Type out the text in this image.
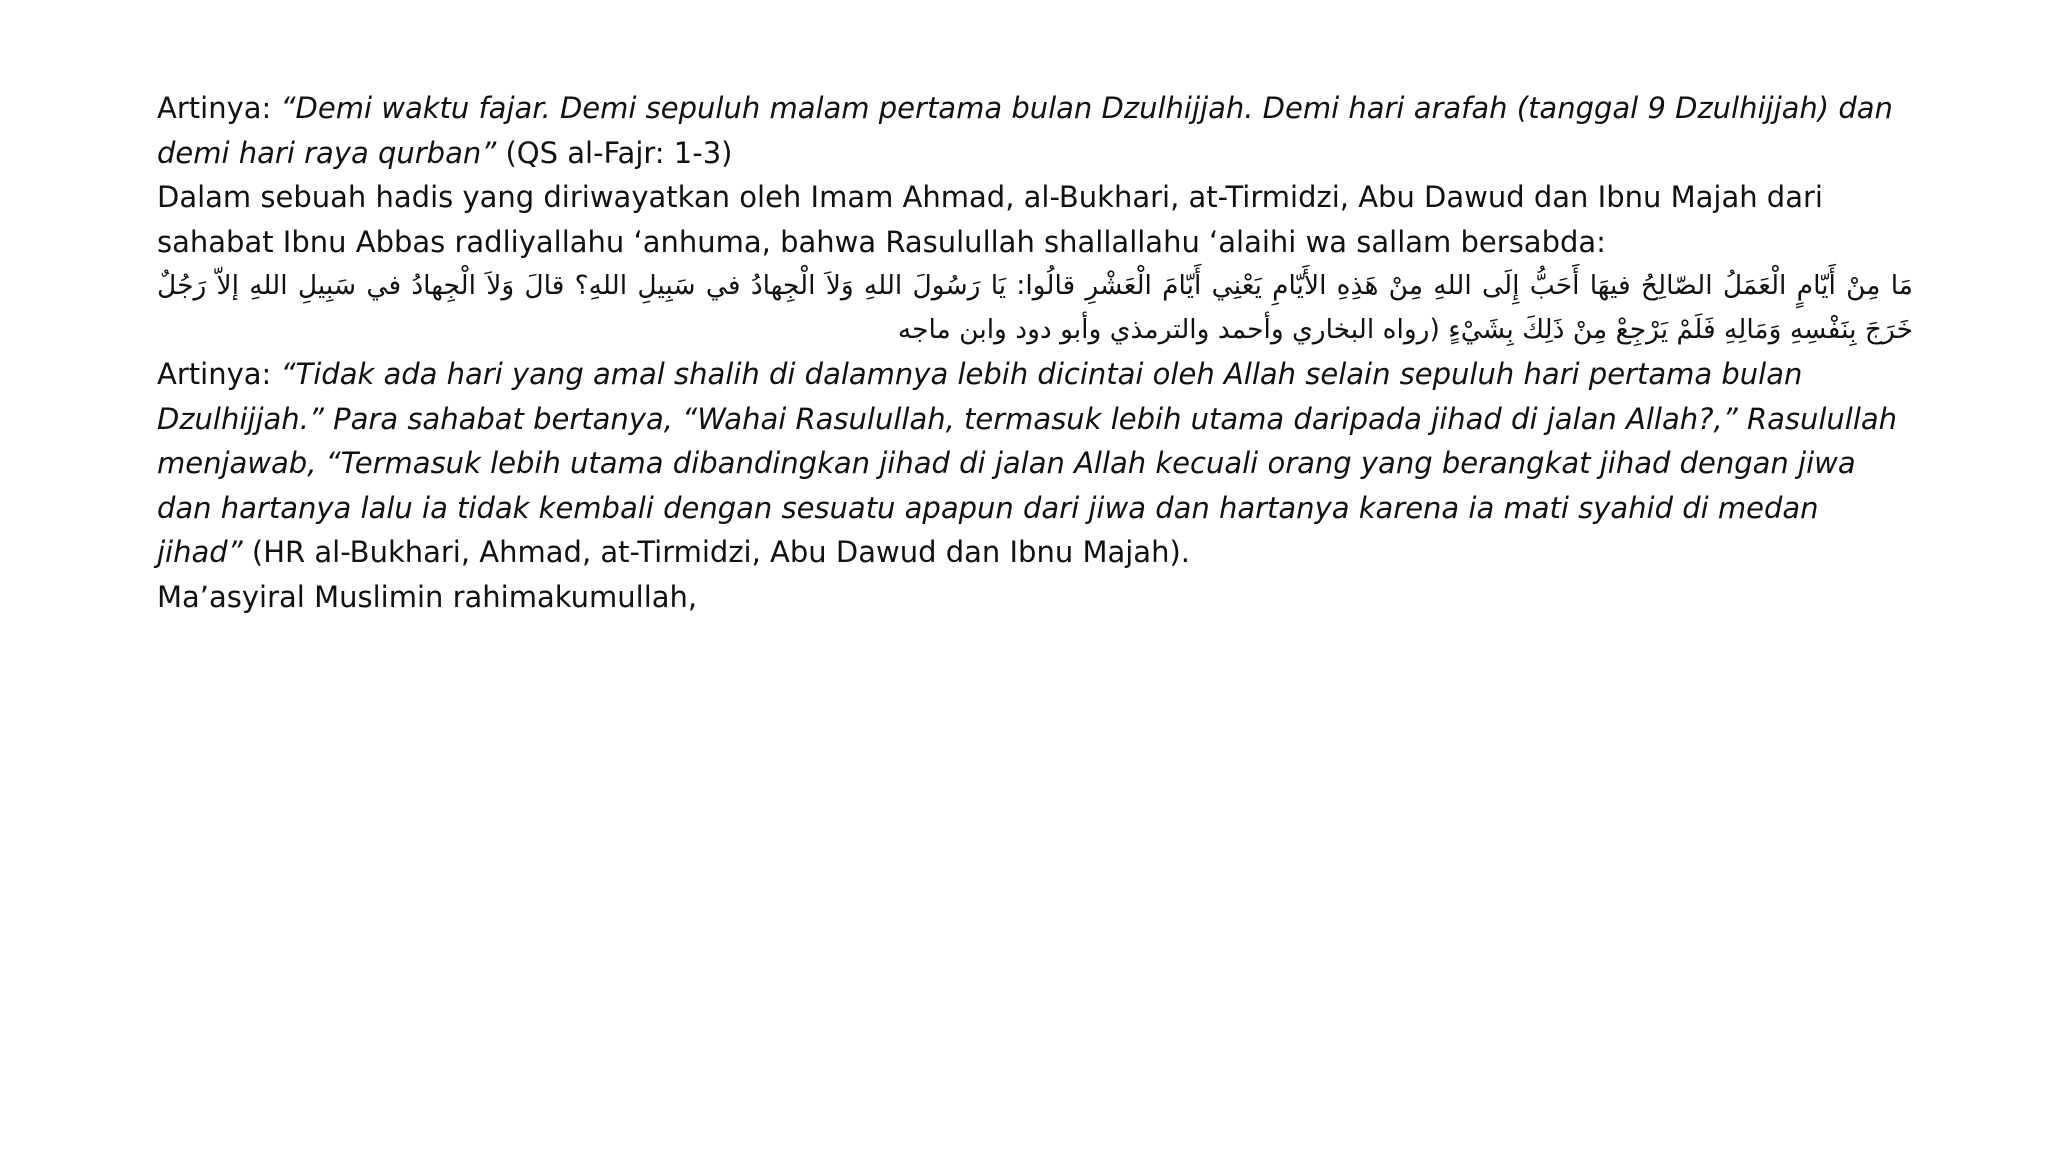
Artinya: “Demi waktu fajar. Demi sepuluh malam pertama bulan Dzulhijjah. Demi hari arafah (tanggal 9 Dzulhijjah) dan demi hari raya qurban” (QS al-Fajr: 1-3)

Dalam sebuah hadis yang diriwayatkan oleh Imam Ahmad, al-Bukhari, at-Tirmidzi, Abu Dawud dan Ibnu Majah dari sahabat Ibnu Abbas radliyallahu ‘anhuma, bahwa Rasulullah shallallahu ‘alaihi wa sallam bersabda:

مَا مِنْ أَيّامٍ الْعَمَلُ الصّالِحُ فيهَا أَحَبُّ إِلَى اللهِ مِنْ هَذِهِ الأَيّامِ يَعْنِي أَيّامَ الْعَشْرِ قالُوا: يَا رَسُولَ اللهِ وَلاَ الْجِهادُ في سَبِيلِ اللهِ؟ قالَ وَلاَ الْجِهادُ في سَبِيلِ اللهِ إلاّ رَجُلٌ خَرَجَ بِنَفْسِهِ وَمَالِهِ فَلَمْ يَرْجِعْ مِنْ ذَلِكَ بِشَيْءٍ (رواه البخاري وأحمد والترمذي وأبو دود وابن ماجه

Artinya: “Tidak ada hari yang amal shalih di dalamnya lebih dicintai oleh Allah selain sepuluh hari pertama bulan Dzulhijjah.” Para sahabat bertanya, “Wahai Rasulullah, termasuk lebih utama daripada jihad di jalan Allah?,” Rasulullah menjawab, “Termasuk lebih utama dibandingkan jihad di jalan Allah kecuali orang yang berangkat jihad dengan jiwa dan hartanya lalu ia tidak kembali dengan sesuatu apapun dari jiwa dan hartanya karena ia mati syahid di medan jihad” (HR al-Bukhari, Ahmad, at-Tirmidzi, Abu Dawud dan Ibnu Majah).

Ma’asyiral Muslimin rahimakumullah,
